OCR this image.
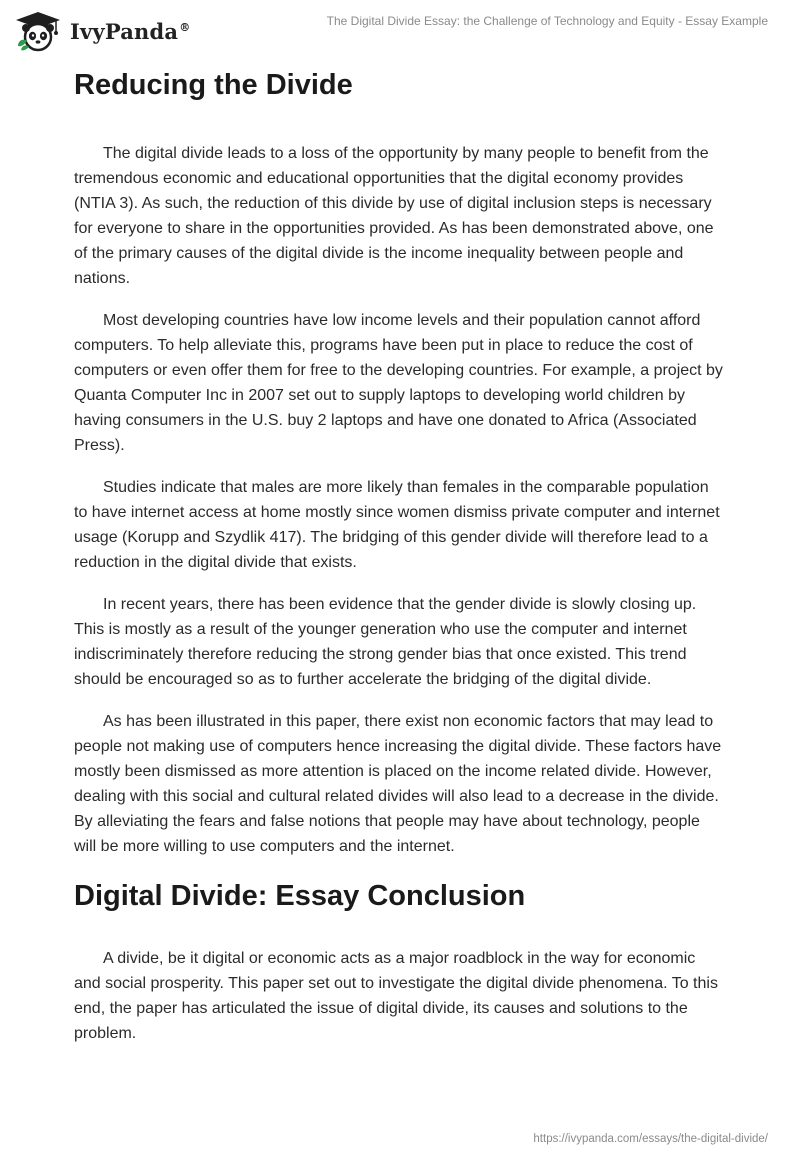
IvyPanda®	The Digital Divide Essay: the Challenge of Technology and Equity - Essay Example
Reducing the Divide

The digital divide leads to a loss of the opportunity by many people to benefit from the tremendous economic and educational opportunities that the digital economy provides (NTIA 3). As such, the reduction of this divide by use of digital inclusion steps is necessary for everyone to share in the opportunities provided. As has been demonstrated above, one of the primary causes of the digital divide is the income inequality between people and nations.

Most developing countries have low income levels and their population cannot afford computers. To help alleviate this, programs have been put in place to reduce the cost of computers or even offer them for free to the developing countries. For example, a project by Quanta Computer Inc in 2007 set out to supply laptops to developing world children by having consumers in the U.S. buy 2 laptops and have one donated to Africa (Associated Press).

Studies indicate that males are more likely than females in the comparable population to have internet access at home mostly since women dismiss private computer and internet usage (Korupp and Szydlik 417). The bridging of this gender divide will therefore lead to a reduction in the digital divide that exists.

In recent years, there has been evidence that the gender divide is slowly closing up. This is mostly as a result of the younger generation who use the computer and internet indiscriminately therefore reducing the strong gender bias that once existed. This trend should be encouraged so as to further accelerate the bridging of the digital divide.

As has been illustrated in this paper, there exist non economic factors that may lead to people not making use of computers hence increasing the digital divide. These factors have mostly been dismissed as more attention is placed on the income related divide. However, dealing with this social and cultural related divides will also lead to a decrease in the divide. By alleviating the fears and false notions that people may have about technology, people will be more willing to use computers and the internet.

Digital Divide: Essay Conclusion

A divide, be it digital or economic acts as a major roadblock in the way for economic and social prosperity. This paper set out to investigate the digital divide phenomena. To this end, the paper has articulated the issue of digital divide, its causes and solutions to the problem.

https://ivypanda.com/essays/the-digital-divide/
